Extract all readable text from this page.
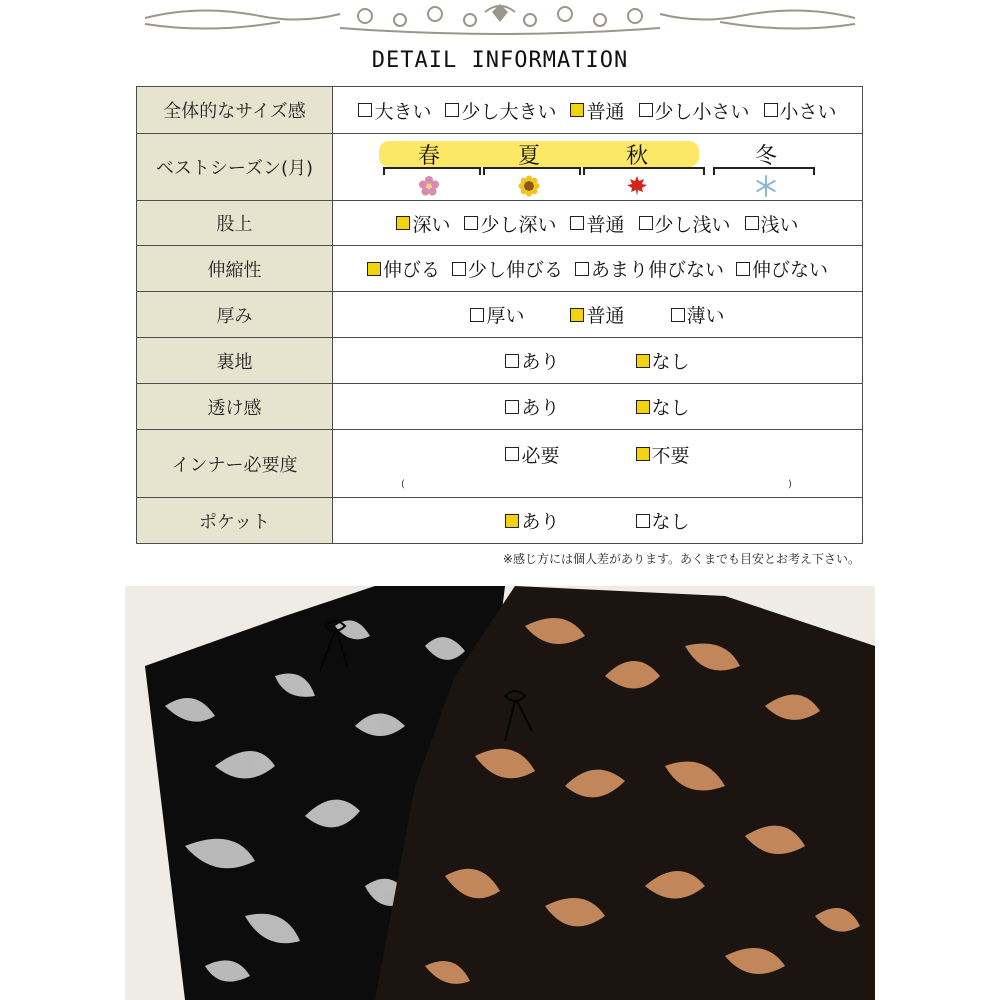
DETAIL INFORMATION
全体的なサイズ感	大きい 少し大きい 普通 少し小さい 小さい

ベストシーズン(月)	春 夏 秋 冬

股上	深い 少し深い 普通 少し浅い 浅い

伸縮性	伸びる 少し伸びる あまり伸びない 伸びない

厚み	厚い 普通 薄い

裏地	あり なし

透け感	あり なし

インナー必要度	必要 不要
( )

ポケット	あり なし
※感じ方には個人差があります。あくまでも目安とお考え下さい。
